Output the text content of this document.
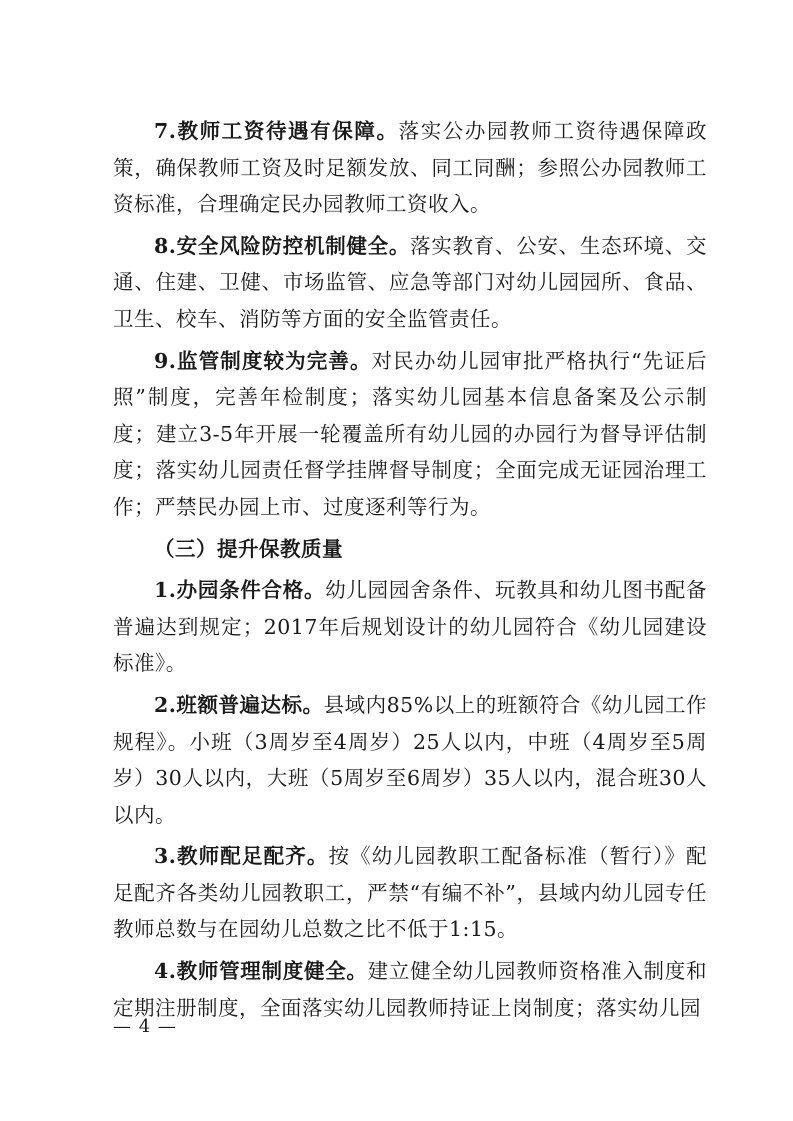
7.教师工资待遇有保障。落实公办园教师工资待遇保障政策，确保教师工资及时足额发放、同工同酬；参照公办园教师工资标准，合理确定民办园教师工资收入。

8.安全风险防控机制健全。落实教育、公安、生态环境、交通、住建、卫健、市场监管、应急等部门对幼儿园园所、食品、卫生、校车、消防等方面的安全监管责任。

9.监管制度较为完善。对民办幼儿园审批严格执行“先证后照”制度，完善年检制度；落实幼儿园基本信息备案及公示制度；建立3-5年开展一轮覆盖所有幼儿园的办园行为督导评估制度；落实幼儿园责任督学挂牌督导制度；全面完成无证园治理工作；严禁民办园上市、过度逐利等行为。

（三）提升保教质量

1.办园条件合格。幼儿园园舍条件、玩教具和幼儿图书配备普遍达到规定；2017年后规划设计的幼儿园符合《幼儿园建设标准》。

2.班额普遍达标。县域内85%以上的班额符合《幼儿园工作规程》。小班（3周岁至4周岁）25人以内，中班（4周岁至5周岁）30人以内，大班（5周岁至6周岁）35人以内，混合班30人以内。

3.教师配足配齐。按《幼儿园教职工配备标准（暂行）》配足配齐各类幼儿园教职工，严禁“有编不补”，县域内幼儿园专任教师总数与在园幼儿总数之比不低于1:15。

4.教师管理制度健全。建立健全幼儿园教师资格准入制度和定期注册制度，全面落实幼儿园教师持证上岗制度；落实幼儿园

— 4 —
